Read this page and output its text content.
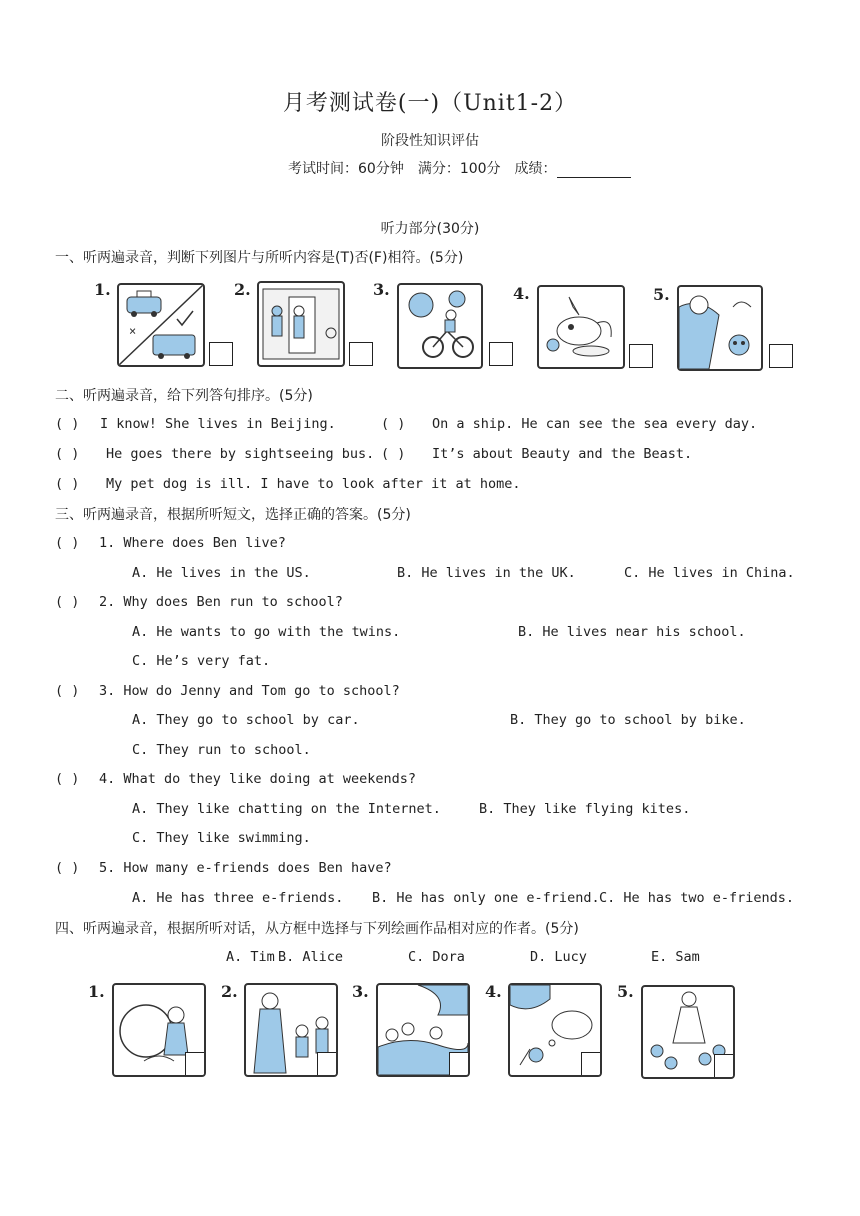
月考测试卷(一)（Unit1-2）
阶段性知识评估
考试时间：60分钟　满分：100分　成绩：
听力部分(30分)
一、听两遍录音，判断下列图片与所听内容是(T)否(F)相符。(5分)
1.
×
2.	3.	4.	5.
二、听两遍录音，给下列答句排序。(5分)
( ) I know! She lives in Beijing.	( ) On a ship. He can see the sea every day.
( ) He goes there by sightseeing bus. ( ) It’s about Beauty and the Beast.
( ) My pet dog is ill. I have to look after it at home.
三、听两遍录音，根据所听短文，选择正确的答案。(5分)
( ) 1. Where does Ben live?
A. He lives in the US.	B. He lives in the UK.	C. He lives in China.
( ) 2. Why does Ben run to school?
A. He wants to go with the twins.	B. He lives near his school.
C. He’s very fat.
( ) 3. How do Jenny and Tom go to school?
A. They go to school by car.	B. They go to school by bike.
C. They run to school.
( ) 4. What do they like doing at weekends?
A. They like chatting on the Internet.	B. They like flying kites.
C. They like swimming.
( ) 5. How many e-friends does Ben have?
A. He has three e-friends. B. He has only one e-friend. C. He has two e-friends.
四、听两遍录音，根据所听对话，从方框中选择与下列绘画作品相对应的作者。(5分)
A. Tim B. Alice	C. Dora	D. Lucy	E. Sam
1.	2.	3.	4.	5.
